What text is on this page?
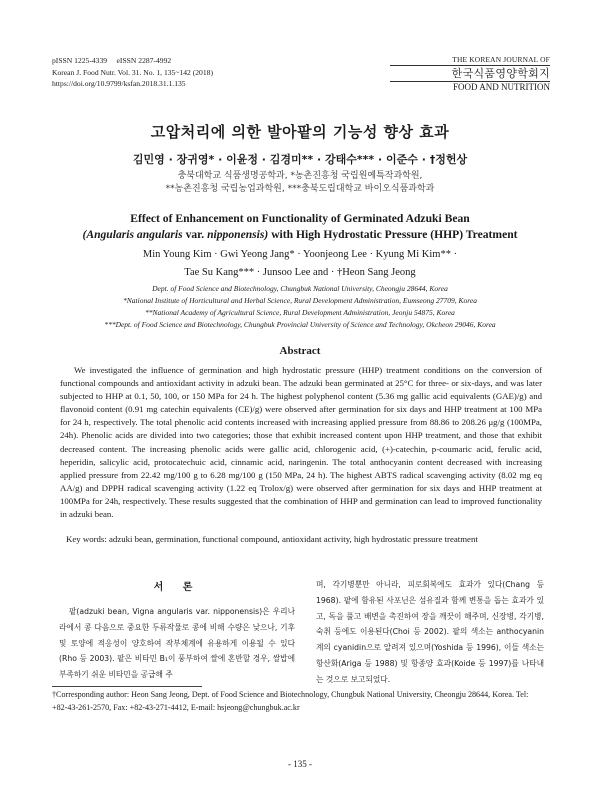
pISSN 1225-4339     eISSN 2287-4992
Korean J. Food Nutr. Vol. 31. No. 1, 135~142 (2018)
https://doi.org/10.9799/ksfan.2018.31.1.135
THE KOREAN JOURNAL OF
한국식품영양학회지
FOOD AND NUTRITION
고압처리에 의한 발아팥의 기능성 향상 효과
김민영 · 장귀영* · 이윤정 · 김경미** · 강태수*** · 이준수 · †정헌상
충북대학교 식품생명공학과, *농촌진흥청 국립원예특작과학원,
**농촌진흥청 국립농업과학원, ***충북도립대학교 바이오식품과학과
Effect of Enhancement on Functionality of Germinated Adzuki Bean
(Angularis angularis var. nipponensis) with High Hydrostatic Pressure (HHP) Treatment
Min Young Kim · Gwi Yeong Jang* · Yoonjeong Lee · Kyung Mi Kim** ·
Tae Su Kang*** · Junsoo Lee and · †Heon Sang Jeong
Dept. of Food Science and Biotechnology, Chungbuk National University, Cheongju 28644, Korea
*National Institute of Horticultural and Herbal Science, Rural Development Administration, Eumseong 27709, Korea
**National Academy of Agricultural Science, Rural Development Administration, Jeonju 54875, Korea
***Dept. of Food Science and Biotechnology, Chungbuk Provincial University of Science and Technology, Okcheon 29046, Korea
Abstract

We investigated the influence of germination and high hydrostatic pressure (HHP) treatment conditions on the conversion of functional compounds and antioxidant activity in adzuki bean. The adzuki bean germinated at 25°C for three- or six-days, and was later subjected to HHP at 0.1, 50, 100, or 150 MPa for 24 h. The highest polyphenol content (5.36 mg gallic acid equivalents (GAE)/g) and flavonoid content (0.91 mg catechin equivalents (CE)/g) were observed after germination for six days and HHP treatment at 100 MPa for 24 h, respectively. The total phenolic acid contents increased with increasing applied pressure from 88.86 to 208.26 μg/g (100MPa, 24h). Phenolic acids are divided into two categories; those that exhibit increased content upon HHP treatment, and those that exhibit decreased content. The increasing phenolic acids were gallic acid, chlorogenic acid, (+)-catechin, p-coumaric acid, ferulic acid, heperidin, salicylic acid, protocatechuic acid, cinnamic acid, naringenin. The total anthocyanin content decreased with increasing applied pressure from 22.42 mg/100 g to 6.28 mg/100 g (150 MPa, 24 h). The highest ABTS radical scavenging activity (8.02 mg eq AA/g) and DPPH radical scavenging activity (1.22 eq Trolox/g) were observed after germination for six days and HHP treatment at 100MPa for 24h, respectively. These results suggested that the combination of HHP and germination can lead to improved functionality in adzuki bean.

Key words: adzuki bean, germination, functional compound, antioxidant activity, high hydrostatic pressure treatment
서 론

팥(adzuki bean, Vigna angularis var. nipponensis)은 우리나라에서 콩 다음으로 중요한 두류작물로 콩에 비해 수량은 낮으나, 기후 및 토양에 적응성이 양호하여 작부체계에 유용하게 이용될 수 있다(Rho 등 2003). 팥은 비타민 B₁이 풍부하여 쌀에 혼반할 경우, 쌀밥에 부족하기 쉬운 비타민을 공급해 주

며, 각기병뿐만 아니라, 피로회복에도 효과가 있다(Chang 등 1968). 팥에 함유된 사포닌은 섬유질과 함께 변통을 돕는 효과가 있고, 독을 풀고 배변을 촉진하여 장을 깨끗이 해주며, 신장병, 각기병, 숙취 등에도 이용된다(Choi 등 2002). 팥의 색소는 anthocyanin계의 cyanidin으로 알려져 있으며(Yoshida 등 1996), 이들 색소는 항산화(Ariga 등 1988) 및 항종양 효과(Koide 등 1997)를 나타내는 것으로 보고되었다.

†Corresponding author: Heon Sang Jeong, Dept. of Food Science and Biotechnology, Chungbuk National University, Cheongju 28644, Korea. Tel: +82-43-261-2570, Fax: +82-43-271-4412, E-mail: hsjeong@chungbuk.ac.kr
- 135 -
